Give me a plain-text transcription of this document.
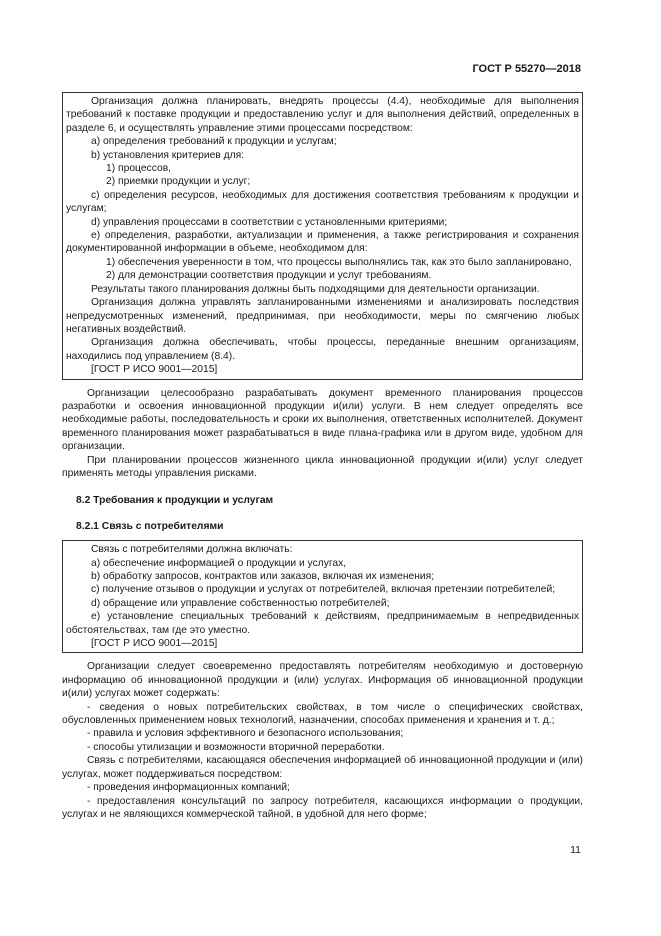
ГОСТ Р 55270—2018

Организация должна планировать, внедрять процессы (4.4), необходимые для выполнения требований к поставке продукции и предоставлению услуг и для выполнения действий, определенных в разделе 6, и осуществлять управление этими процессами посредством:

а) определения требований к продукции и услугам;

b) установления критериев для:

1) процессов,

2) приемки продукции и услуг;

с) определения ресурсов, необходимых для достижения соответствия требованиям к продукции и услугам;

d) управления процессами в соответствии с установленными критериями;

е) определения, разработки, актуализации и применения, а также регистрирования и сохранения документированной информации в объеме, необходимом для:

1) обеспечения уверенности в том, что процессы выполнялись так, как это было запланировано,

2) для демонстрации соответствия продукции и услуг требованиям.

Результаты такого планирования должны быть подходящими для деятельности организации.

Организация должна управлять запланированными изменениями и анализировать последствия непредусмотренных изменений, предпринимая, при необходимости, меры по смягчению любых негативных воздействий.

Организация должна обеспечивать, чтобы процессы, переданные внешним организациям, находились под управлением (8.4).

[ГОСТ Р ИСО 9001—2015]

Организации целесообразно разрабатывать документ временного планирования процессов разработки и освоения инновационной продукции и(или) услуги. В нем следует определять все необходимые работы, последовательность и сроки их выполнения, ответственных исполнителей. Документ временного планирования может разрабатываться в виде плана-графика или в другом виде, удобном для организации.

При планировании процессов жизненного цикла инновационной продукции и(или) услуг следует применять методы управления рисками.

8.2 Требования к продукции и услугам

8.2.1 Связь с потребителями

Связь с потребителями должна включать:

а) обеспечение информацией о продукции и услугах,

b) обработку запросов, контрактов или заказов, включая их изменения;

с) получение отзывов о продукции и услугах от потребителей, включая претензии потребителей;

d) обращение или управление собственностью потребителей;

е) установление специальных требований к действиям, предпринимаемым в непредвиденных обстоятельствах, там где это уместно.

[ГОСТ Р ИСО 9001—2015]

Организации следует своевременно предоставлять потребителям необходимую и достоверную информацию об инновационной продукции и (или) услугах. Информация об инновационной продукции и(или) услугах может содержать:

- сведения о новых потребительских свойствах, в том числе о специфических свойствах, обусловленных применением новых технологий, назначении, способах применения и хранения и т. д.;

- правила и условия эффективного и безопасного использования;

- способы утилизации и возможности вторичной переработки.

Связь с потребителями, касающаяся обеспечения информацией об инновационной продукции и (или) услугах, может поддерживаться посредством:

- проведения информационных компаний;

- предоставления консультаций по запросу потребителя, касающихся информации о продукции, услугах и не являющихся коммерческой тайной, в удобной для него форме;

11
